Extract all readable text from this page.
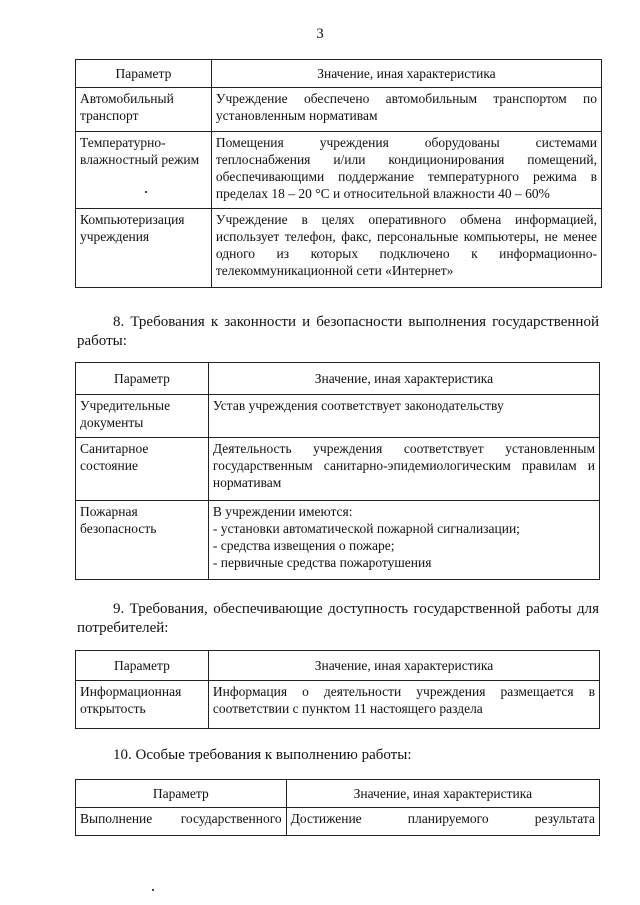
3
Параметр	Значение, иная характеристика
Автомобильный транспорт	Учреждение обеспечено автомобильным транспортом по установленным нормативам
Температурно-влажностный режим	Помещения учреждения оборудованы системами теплоснабжения и/или кондиционирования помещений, обеспечивающими поддержание температурного режима в пределах 18 – 20 °С и относительной влажности 40 – 60%
Компьютеризация учреждения	Учреждение в целях оперативного обмена информацией, использует телефон, факс, персональные компьютеры, не менее одного из которых подключено к информационно-телекоммуникационной сети «Интернет»
8. Требования к законности и безопасности выполнения государственной работы:
Параметр	Значение, иная характеристика
Учредительные документы	Устав учреждения соответствует законодательству
Санитарное состояние	Деятельность учреждения соответствует установленным государственным санитарно-эпидемиологическим правилам и нормативам
Пожарная безопасность	В учреждении имеются:
- установки автоматической пожарной сигнализации;
- средства извещения о пожаре;
- первичные средства пожаротушения
9. Требования, обеспечивающие доступность государственной работы для потребителей:
Параметр	Значение, иная характеристика
Информационная открытость	Информация о деятельности учреждения размещается в соответствии с пунктом 11 настоящего раздела
10. Особые требования к выполнению работы:
Параметр	Значение, иная характеристика
Выполнение государственного	Достижение планируемого результата
